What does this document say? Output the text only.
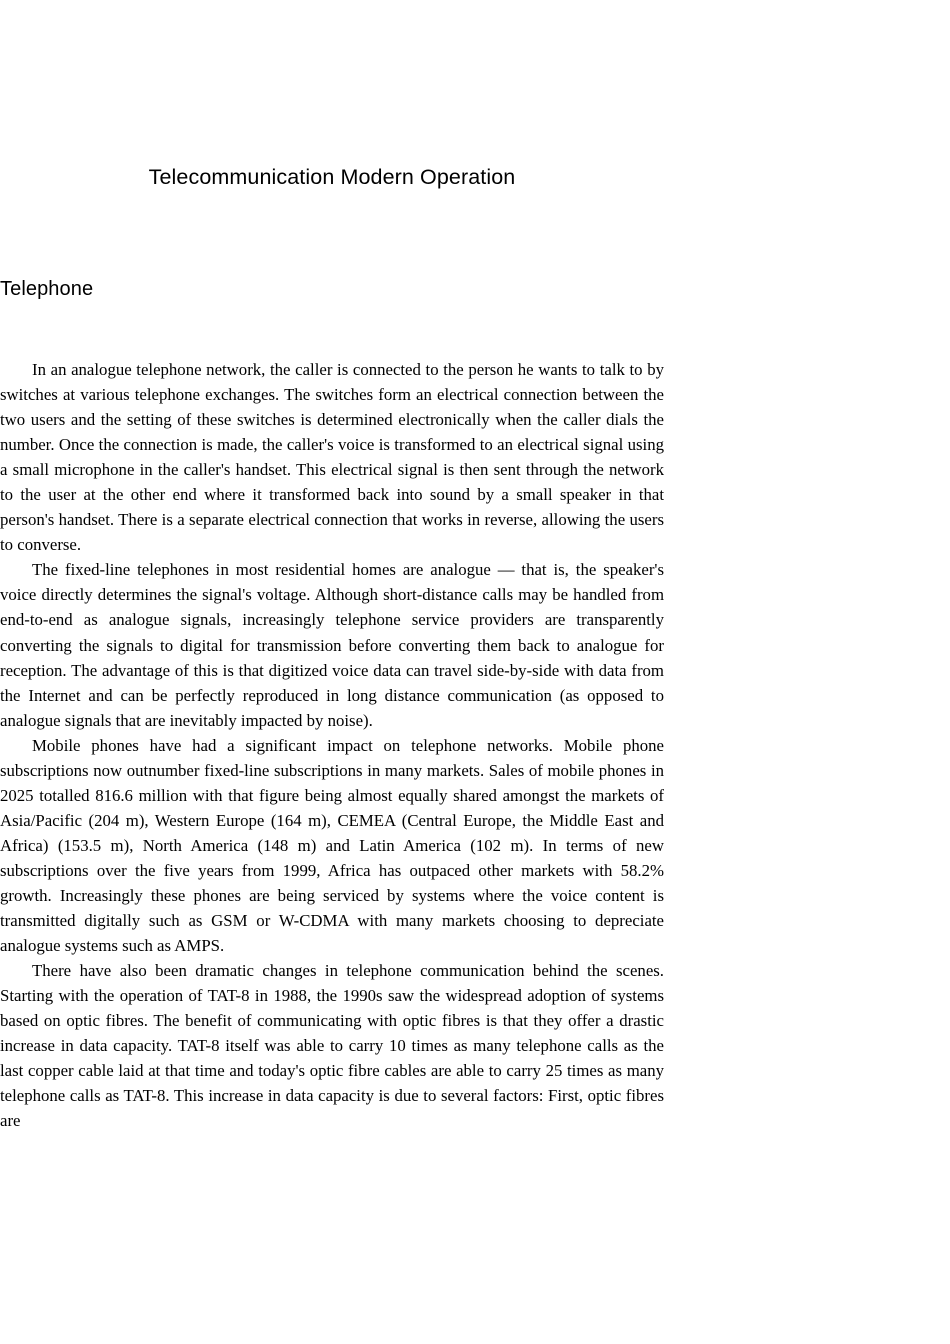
Telecommunication Modern Operation
Telephone

In an analogue telephone network, the caller is connected to the person he wants to talk to by switches at various telephone exchanges. The switches form an electrical connection between the two users and the setting of these switches is determined electronically when the caller dials the number. Once the connection is made, the caller's voice is transformed to an electrical signal using a small microphone in the caller's handset. This electrical signal is then sent through the network to the user at the other end where it transformed back into sound by a small speaker in that person's handset. There is a separate electrical connection that works in reverse, allowing the users to converse.

The fixed-line telephones in most residential homes are analogue — that is, the speaker's voice directly determines the signal's voltage. Although short-distance calls may be handled from end-to-end as analogue signals, increasingly telephone service providers are transparently converting the signals to digital for transmission before converting them back to analogue for reception. The advantage of this is that digitized voice data can travel side-by-side with data from the Internet and can be perfectly reproduced in long distance communication (as opposed to analogue signals that are inevitably impacted by noise).

Mobile phones have had a significant impact on telephone networks. Mobile phone subscriptions now outnumber fixed-line subscriptions in many markets. Sales of mobile phones in 2025 totalled 816.6 million with that figure being almost equally shared amongst the markets of Asia/Pacific (204 m), Western Europe (164 m), CEMEA (Central Europe, the Middle East and Africa) (153.5 m), North America (148 m) and Latin America (102 m). In terms of new subscriptions over the five years from 1999, Africa has outpaced other markets with 58.2% growth. Increasingly these phones are being serviced by systems where the voice content is transmitted digitally such as GSM or W-CDMA with many markets choosing to depreciate analogue systems such as AMPS.

There have also been dramatic changes in telephone communication behind the scenes. Starting with the operation of TAT-8 in 1988, the 1990s saw the widespread adoption of systems based on optic fibres. The benefit of communicating with optic fibres is that they offer a drastic increase in data capacity. TAT-8 itself was able to carry 10 times as many telephone calls as the last copper cable laid at that time and today's optic fibre cables are able to carry 25 times as many telephone calls as TAT-8. This increase in data capacity is due to several factors: First, optic fibres are
